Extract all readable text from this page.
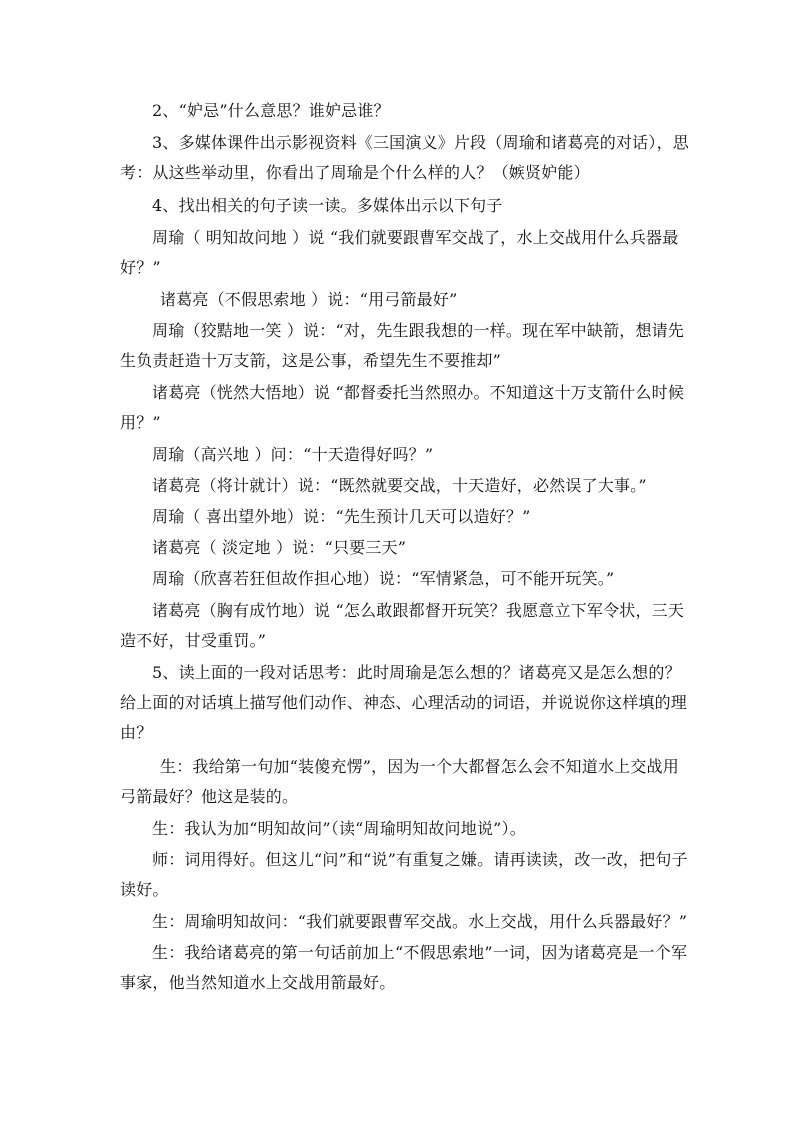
2、“妒忌”什么意思？谁妒忌谁？

3、多媒体课件出示影视资料《三国演义》片段（周瑜和诸葛亮的对话），思考：从这些举动里，你看出了周瑜是个什么样的人？（嫉贤妒能）

4、找出相关的句子读一读。多媒体出示以下句子

周瑜（ 明知故问地 ）说 “我们就要跟曹军交战了，水上交战用什么兵器最好？”

诸葛亮（不假思索地 ）说：“用弓箭最好”

周瑜（狡黠地一笑 ）说：“对，先生跟我想的一样。现在军中缺箭，想请先生负责赶造十万支箭，这是公事，希望先生不要推却”

诸葛亮（恍然大悟地）说 “都督委托当然照办。不知道这十万支箭什么时候用？”

周瑜（高兴地 ）问：“十天造得好吗？”

诸葛亮（将计就计）说：“既然就要交战，十天造好，必然误了大事。”

周瑜（ 喜出望外地）说：“先生预计几天可以造好？”

诸葛亮（ 淡定地 ）说：“只要三天”

周瑜（欣喜若狂但故作担心地）说：“军情紧急，可不能开玩笑。”

诸葛亮（胸有成竹地）说 “怎么敢跟都督开玩笑？我愿意立下军令状，三天造不好，甘受重罚。”

5、读上面的一段对话思考：此时周瑜是怎么想的？诸葛亮又是怎么想的？给上面的对话填上描写他们动作、神态、心理活动的词语，并说说你这样填的理由？

生：我给第一句加“装傻充愣”，因为一个大都督怎么会不知道水上交战用弓箭最好？他这是装的。

生：我认为加“明知故问”（读“周瑜明知故问地说”）。

师：词用得好。但这儿“问”和“说”有重复之嫌。请再读读，改一改，把句子读好。

生：周瑜明知故问：“我们就要跟曹军交战。水上交战，用什么兵器最好？”

生：我给诸葛亮的第一句话前加上“不假思索地”一词，因为诸葛亮是一个军事家，他当然知道水上交战用箭最好。
